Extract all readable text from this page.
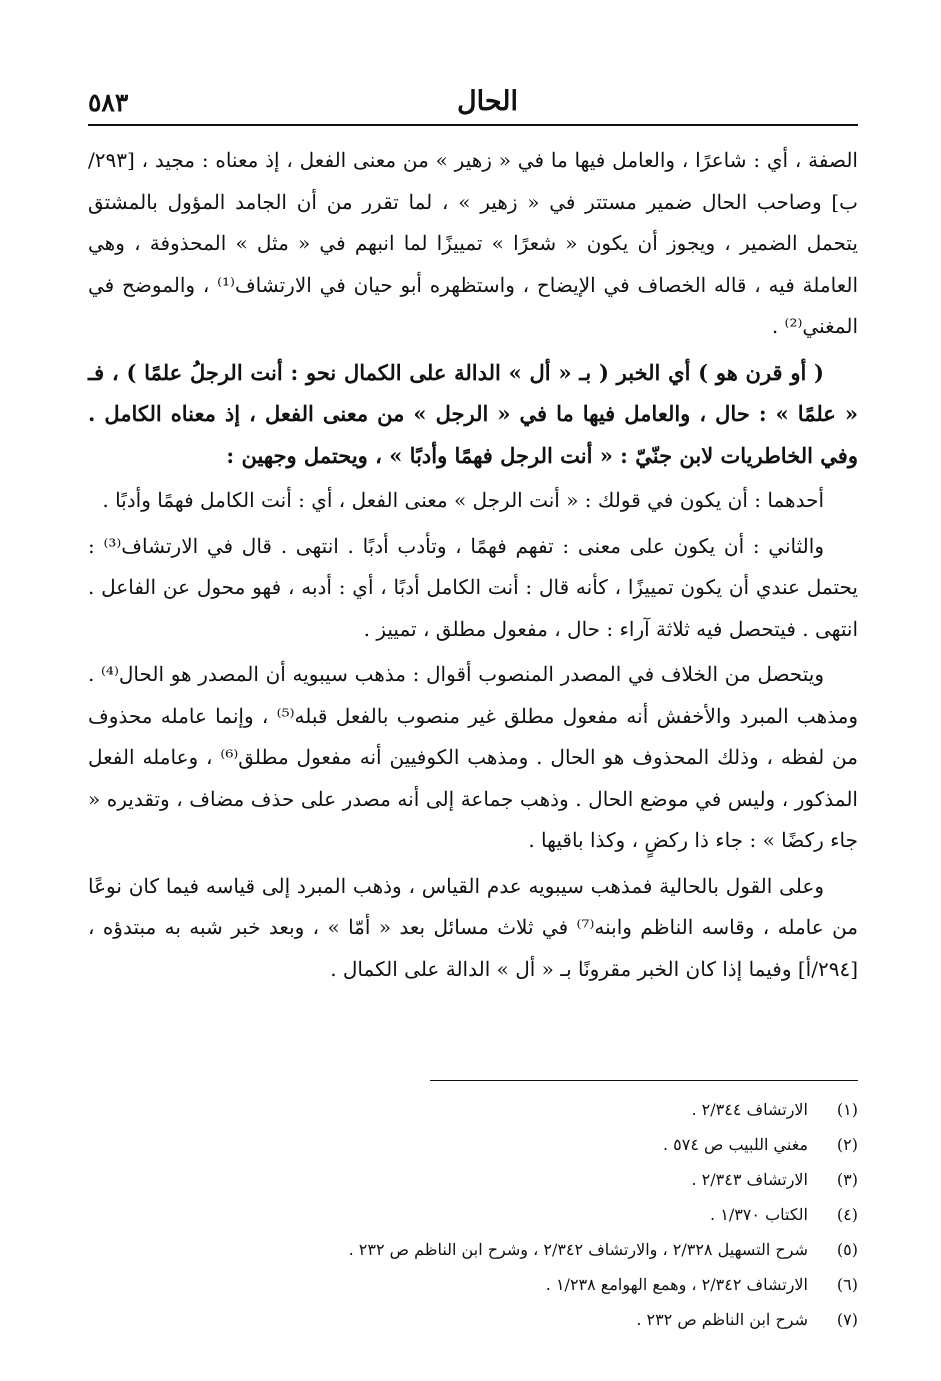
الحال
٥٨٣

الصفة ، أي : شاعرًا ، والعامل فيها ما في « زهير » من معنى الفعل ، إذ معناه : مجيد ، [٢٩٣/ب] وصاحب الحال ضمير مستتر في « زهير » ، لما تقرر من أن الجامد المؤول بالمشتق يتحمل الضمير ، ويجوز أن يكون « شعرًا » تمييزًا لما انبهم في « مثل » المحذوفة ، وهي العاملة فيه ، قاله الخصاف في الإيضاح ، واستظهره أبو حيان في الارتشاف⁽¹⁾ ، والموضح في المغني⁽²⁾ .

( أو قرن هو ) أي الخبر ( بـ « أل » الدالة على الكمال نحو : أنت الرجلُ علمًا ) ، فـ « علمًا » : حال ، والعامل فيها ما في « الرجل » من معنى الفعل ، إذ معناه الكامل . وفي الخاطريات لابن جنّيّ : « أنت الرجل فهمًا وأدبًا » ، ويحتمل وجهين :

أحدهما : أن يكون في قولك : « أنت الرجل » معنى الفعل ، أي : أنت الكامل فهمًا وأدبًا .

والثاني : أن يكون على معنى : تفهم فهمًا ، وتأدب أدبًا . انتهى . قال في الارتشاف⁽³⁾ : يحتمل عندي أن يكون تمييزًا ، كأنه قال : أنت الكامل أدبًا ، أي : أدبه ، فهو محول عن الفاعل . انتهى . فيتحصل فيه ثلاثة آراء : حال ، مفعول مطلق ، تمييز .

ويتحصل من الخلاف في المصدر المنصوب أقوال : مذهب سيبويه أن المصدر هو الحال⁽⁴⁾ . ومذهب المبرد والأخفش أنه مفعول مطلق غير منصوب بالفعل قبله⁽⁵⁾ ، وإنما عامله محذوف من لفظه ، وذلك المحذوف هو الحال . ومذهب الكوفيين أنه مفعول مطلق⁽⁶⁾ ، وعامله الفعل المذكور ، وليس في موضع الحال . وذهب جماعة إلى أنه مصدر على حذف مضاف ، وتقديره « جاء ركضًا » : جاء ذا ركضٍ ، وكذا باقيها .

وعلى القول بالحالية فمذهب سيبويه عدم القياس ، وذهب المبرد إلى قياسه فيما كان نوعًا من عامله ، وقاسه الناظم وابنه⁽⁷⁾ في ثلاث مسائل بعد « أمّا » ، وبعد خبر شبه به مبتدؤه ، [٢٩٤/أ] وفيما إذا كان الخبر مقرونًا بـ « أل » الدالة على الكمال .

(١)
الارتشاف ٢/٣٤٤ .
(٢)
مغني اللبيب ص ٥٧٤ .
(٣)
الارتشاف ٢/٣٤٣ .
(٤)
الكتاب ١/٣٧٠ .
(٥)
شرح التسهيل ٢/٣٢٨ ، والارتشاف ٢/٣٤٢ ، وشرح ابن الناظم ص ٢٣٢ .
(٦)
الارتشاف ٢/٣٤٢ ، وهمع الهوامع ١/٢٣٨ .
(٧)
شرح ابن الناظم ص ٢٣٢ .
